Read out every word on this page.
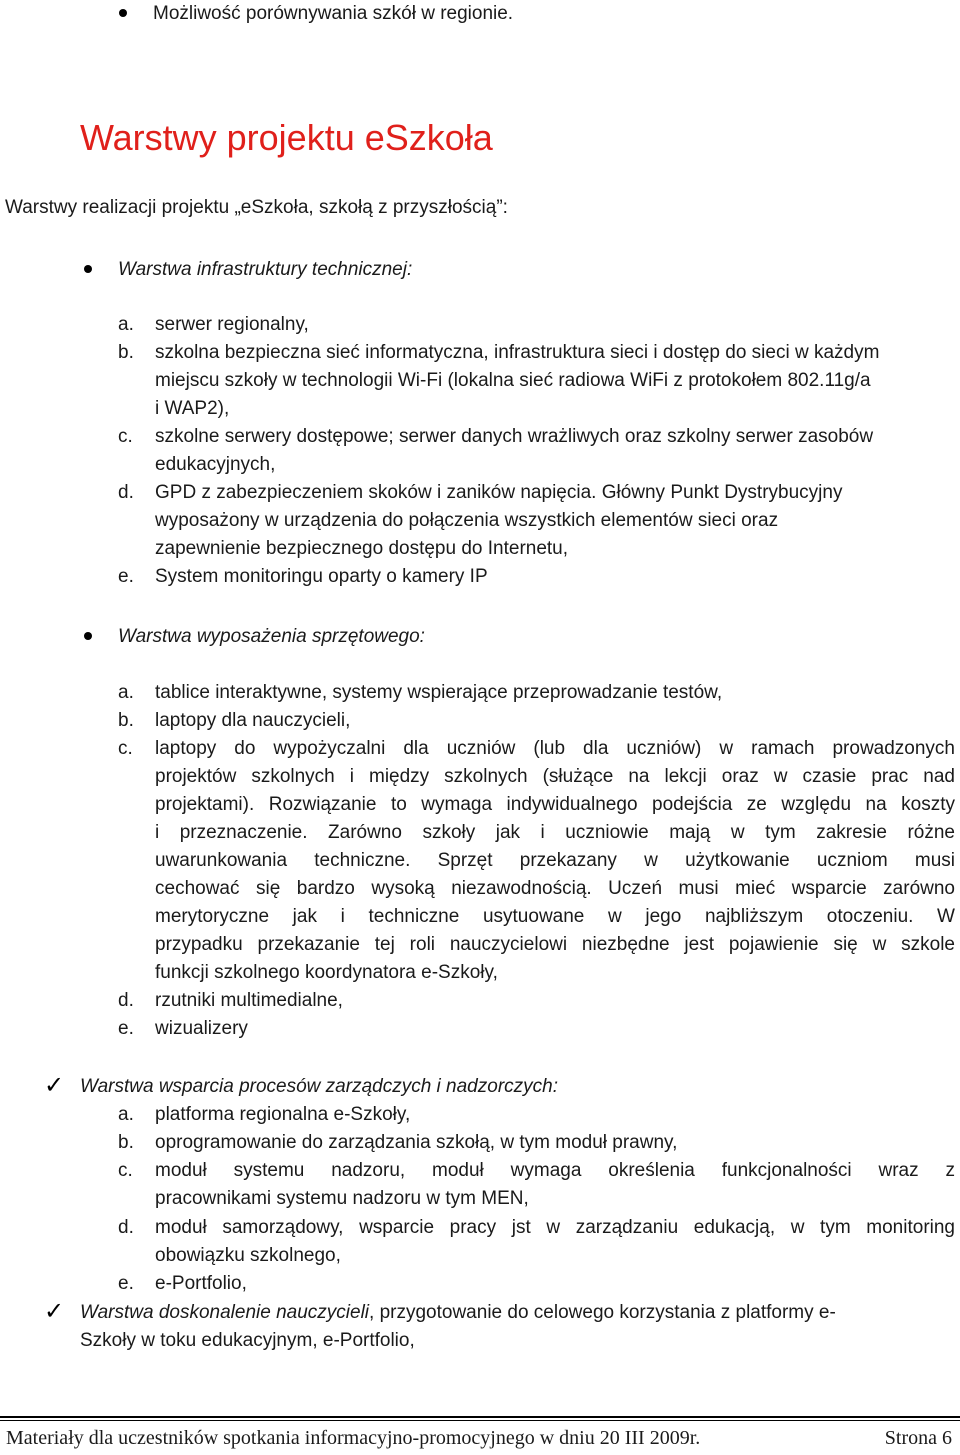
Możliwość porównywania szkół w regionie.
Warstwy projektu eSzkoła
Warstwy realizacji projektu „eSzkoła, szkołą z przyszłością”:
Warstwa infrastruktury technicznej:
a. serwer regionalny,
b. szkolna bezpieczna sieć informatyczna, infrastruktura sieci i dostęp do sieci w każdym
miejscu szkoły w technologii Wi-Fi (lokalna sieć radiowa WiFi z protokołem 802.11g/a
i WAP2),
c. szkolne serwery dostępowe; serwer danych wrażliwych oraz szkolny serwer zasobów
edukacyjnych,
d. GPD z zabezpieczeniem skoków i zaników napięcia. Główny Punkt Dystrybucyjny
wyposażony w urządzenia do połączenia wszystkich elementów sieci oraz
zapewnienie bezpiecznego dostępu do Internetu,
e. System monitoringu oparty o kamery IP
Warstwa wyposażenia sprzętowego:
a. tablice interaktywne, systemy wspierające przeprowadzanie testów,
b. laptopy dla nauczycieli,
c. laptopy do wypożyczalni dla uczniów (lub dla uczniów) w ramach prowadzonych
projektów szkolnych i między szkolnych (służące na lekcji oraz w czasie prac nad
projektami). Rozwiązanie to wymaga indywidualnego podejścia ze względu na koszty
i przeznaczenie. Zarówno szkoły jak i uczniowie mają w tym zakresie różne
uwarunkowania techniczne. Sprzęt przekazany w użytkowanie uczniom musi
cechować się bardzo wysoką niezawodnością. Uczeń musi mieć wsparcie zarówno
merytoryczne jak i techniczne usytuowane w jego najbliższym otoczeniu. W
przypadku przekazanie tej roli nauczycielowi niezbędne jest pojawienie się w szkole
funkcji szkolnego koordynatora e-Szkoły,
d. rzutniki multimedialne,
e. wizualizery
✓ Warstwa wsparcia procesów zarządczych i nadzorczych:
a. platforma regionalna e-Szkoły,
b. oprogramowanie do zarządzania szkołą, w tym moduł prawny,
c. moduł systemu nadzoru, moduł wymaga określenia funkcjonalności wraz z
pracownikami systemu nadzoru w tym MEN,
d. moduł samorządowy, wsparcie pracy jst w zarządzaniu edukacją, w tym monitoring
obowiązku szkolnego,
e. e-Portfolio,
✓ Warstwa doskonalenie nauczycieli, przygotowanie do celowego korzystania z platformy e-
Szkoły w toku edukacyjnym, e-Portfolio,
Materiały dla uczestników spotkania informacyjno-promocyjnego w dniu 20 III 2009r.	Strona 6
